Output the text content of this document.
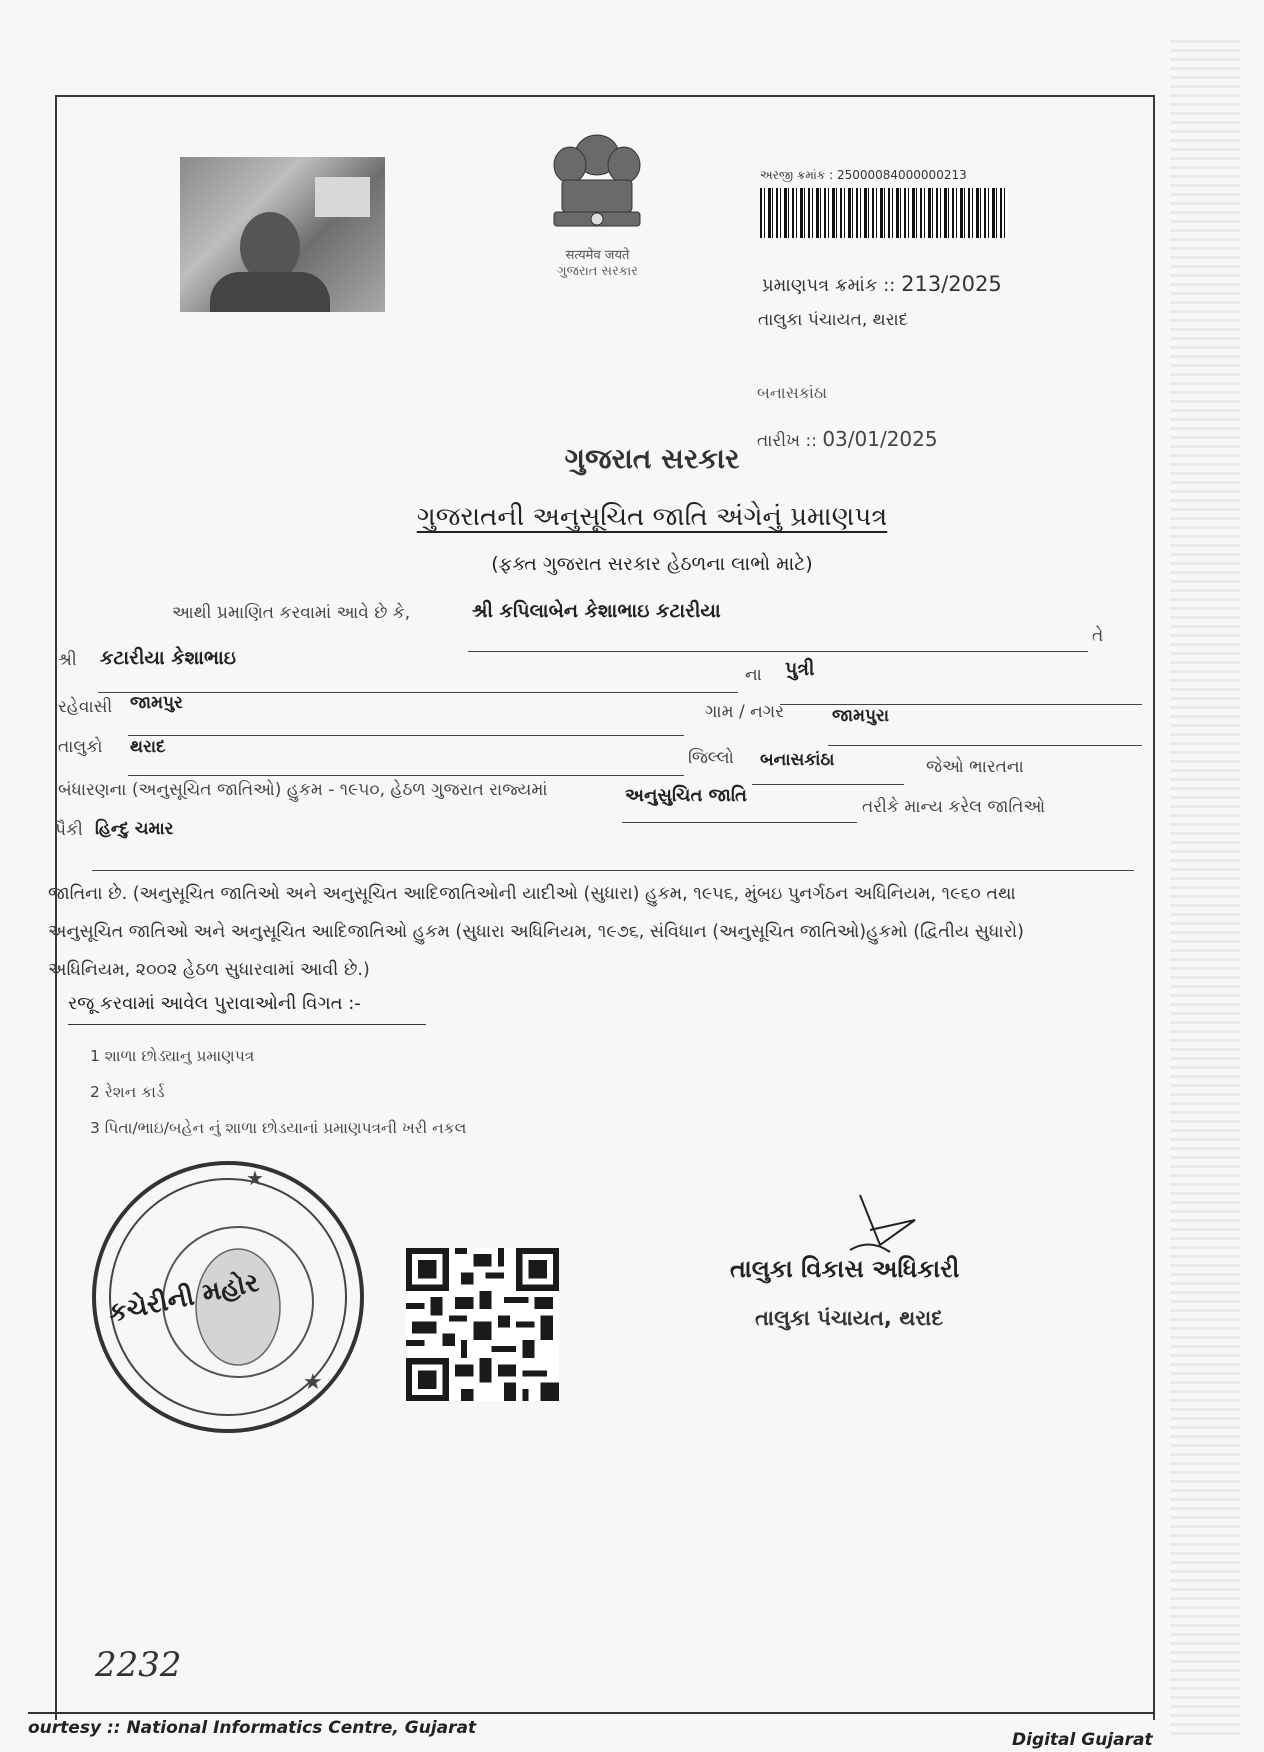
सत्यमेव जयते
ગુજરાત સરકાર
અરજી ક્રમાંક : 25000084000000213
પ્રમાણપત્ર ક્રમાંક :: 213/2025
તાલુકા પંચાયત, થરાદ
બનાસકાંઠા
તારીખ :: 03/01/2025
ગુજરાત સરકાર
ગુજરાતની અનુસૂચિત જાતિ અંગેનું પ્રમાણપત્ર
(ફક્ત ગુજરાત સરકાર હેઠળના લાભો માટે)
આથી પ્રમાણિત કરવામાં આવે છે કે,	શ્રી કપિલાબેન કેશાભાઇ કટારીયા
તે
શ્રી કટારીયા કેશાભાઇ
ના પુત્રી
રહેવાસી જામપુર	ગામ / નગર	જામપુરા
તાલુકો થરાદ
જિલ્લો બનાસકાંઠા	જેઓ ભારતના
બંધારણના (અનુસૂચિત જાતિઓ) હુકમ - ૧૯૫૦, હેઠળ ગુજરાત રાજ્યમાં	અનુસુચિત જાતિ
તરીકે માન્ય કરેલ જાતિઓ
પૈકી હિન્દુ ચમાર
જાતિના છે. (અનુસૂચિત જાતિઓ અને અનુસૂચિત આદિજાતિઓની યાદીઓ (સુધારા) હુકમ, ૧૯૫૬, મુંબઇ પુનર્ગઠન અધિનિયમ, ૧૯૬૦ તથા
અનુસૂચિત જાતિઓ અને અનુસૂચિત આદિજાતિઓ હુકમ (સુધારા અધિનિયમ, ૧૯૭૬, સંવિધાન (અનુસૂચિત જાતિઓ)હુકમો (દ્વિતીય સુધારો)
અધિનિયમ, ૨૦૦૨ હેઠળ સુધારવામાં આવી છે.)
રજૂ કરવામાં આવેલ પુરાવાઓની વિગત :-
1 શાળા છોડ્યાનુ પ્રમાણપત્ર
2 રેશન કાર્ડ
3 પિતા/ભાઇ/બહેન નું શાળા છોડયાનાં પ્રમાણપત્રની ખરી નકલ
★
★
કચેરીની મહોર	તાલુકા વિકાસ અધિકારી
તાલુકા પંચાયત, થરાદ
2232
ourtesy :: National Informatics Centre, Gujarat
Digital Gujarat
